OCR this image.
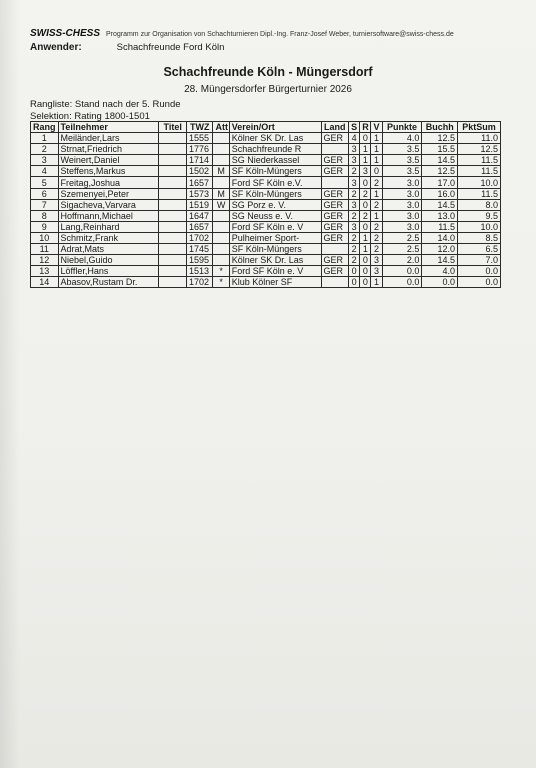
SWISS-CHESS Programm zur Organisation von Schachturnieren Dipl.-Ing. Franz-Josef Weber, turniersoftware@swiss-chess.de
Anwender:	Schachfreunde Ford Köln
Schachfreunde Köln - Müngersdorf
28. Müngersdorfer Bürgerturnier 2026
Rangliste: Stand nach der 5. Runde
Selektion: Rating 1800-1501
Rang	Teilnehmer	Titel	TWZ	Att	Verein/Ort	Land	S	R	V	Punkte	Buchh	PktSum
1	Meiländer,Lars		1555		Kölner SK Dr. Las	GER	4	0	1	4.0	12.5	11.0
2	Strnat,Friedrich		1776		Schachfreunde R		3	1	1	3.5	15.5	12.5
3	Weinert,Daniel		1714		SG Niederkassel	GER	3	1	1	3.5	14.5	11.5
4	Steffens,Markus		1502	M	SF Köln-Müngers	GER	2	3	0	3.5	12.5	11.5
5	Freitag,Joshua		1657		Ford SF Köln e.V.		3	0	2	3.0	17.0	10.0
6	Szemenyei,Peter		1573	M	SF Köln-Müngers	GER	2	2	1	3.0	16.0	11.5
7	Sigacheva,Varvara		1519	W	SG Porz e. V.	GER	3	0	2	3.0	14.5	8.0
8	Hoffmann,Michael		1647		SG Neuss e. V.	GER	2	2	1	3.0	13.0	9.5
9	Lang,Reinhard		1657		Ford SF Köln e. V	GER	3	0	2	3.0	11.5	10.0
10	Schmitz,Frank		1702		Pulheimer Sport-	GER	2	1	2	2.5	14.0	8.5
11	Adrat,Mats		1745		SF Köln-Müngers		2	1	2	2.5	12.0	6.5
12	Niebel,Guido		1595		Kölner SK Dr. Las	GER	2	0	3	2.0	14.5	7.0
13	Löffler,Hans		1513	*	Ford SF Köln e. V	GER	0	0	3	0.0	4.0	0.0
14	Abasov,Rustam Dr.		1702	*	Klub Kölner SF		0	0	1	0.0	0.0	0.0
